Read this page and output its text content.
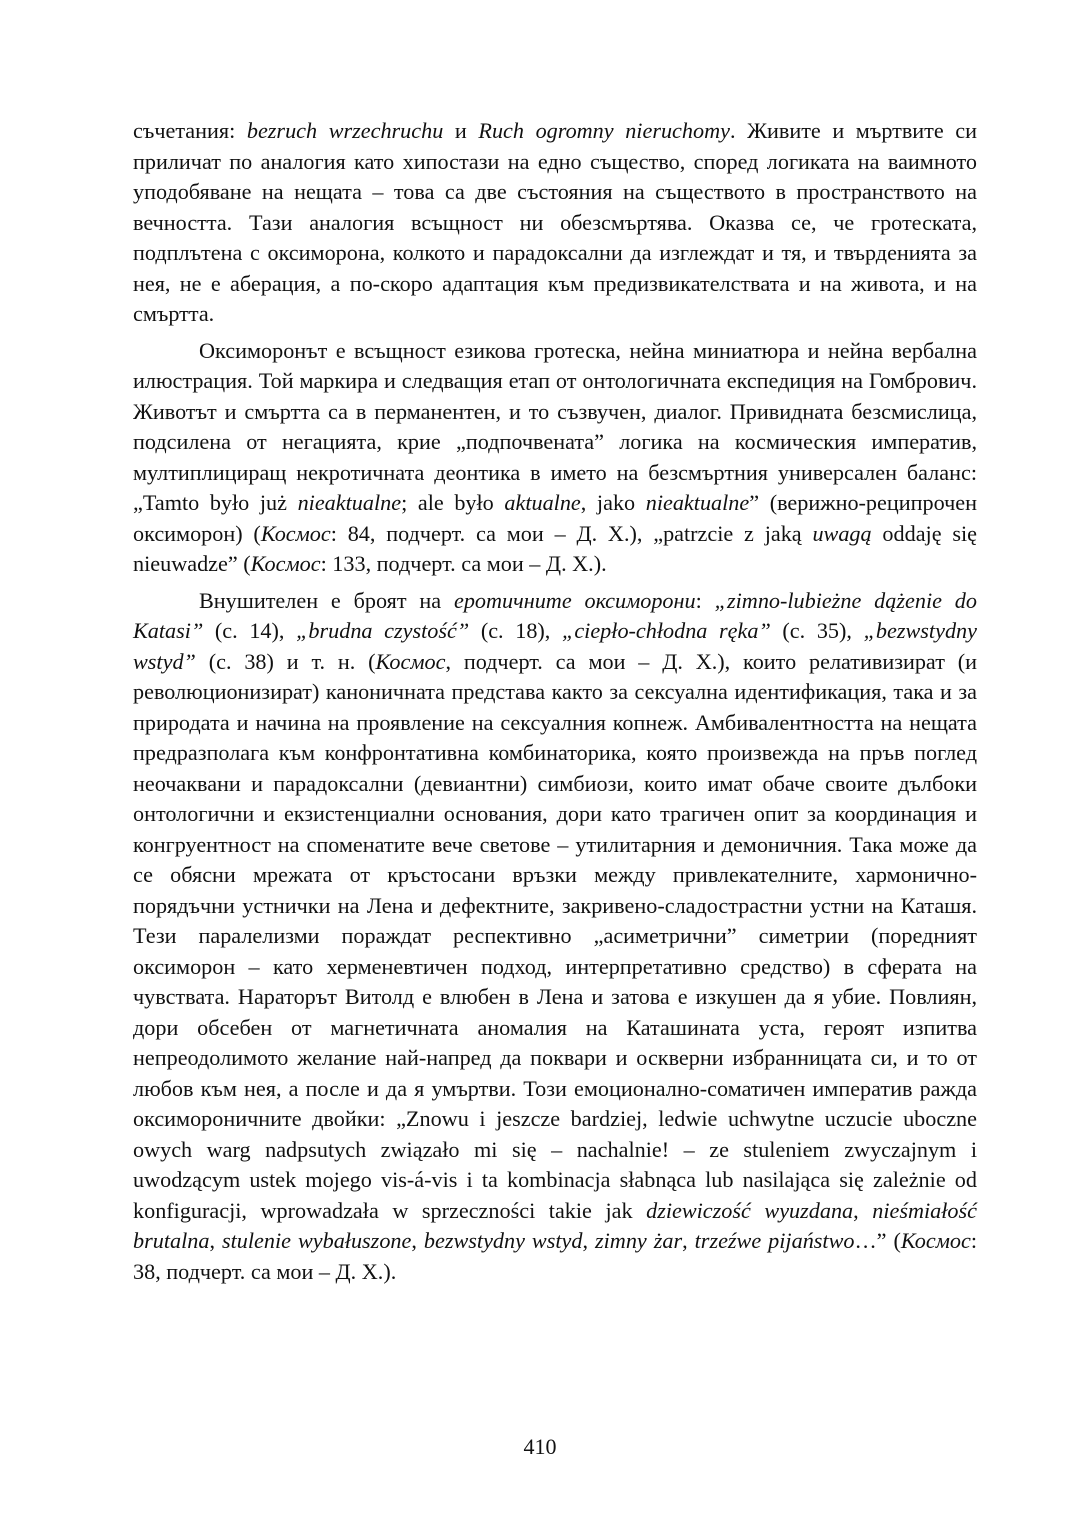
съчетания: bezruch wrzechruchu и Ruch ogromny nieruchomy. Живите и мъртвите си приличат по аналогия като хипостази на едно същество, според логиката на ваимното уподобяване на нещата – това са две състояния на съществото в пространството на вечността. Тази аналогия всъщност ни обезсмъртява. Оказва се, че гротеската, подплътена с оксиморона, колкото и парадоксални да изглеждат и тя, и твърденията за нея, не е аберация, а по-скоро адаптация към предизвикателствата и на живота, и на смъртта.

Оксиморонът е всъщност езикова гротеска, нейна миниатюра и нейна вербална илюстрация. Той маркира и следващия етап от онтологичната експедиция на Гомбрович. Животът и смъртта са в перманентен, и то съзвучен, диалог. Привидната безсмислица, подсилена от негацията, крие „подпочвената” логика на космическия императив, мултиплициращ некротичната деонтика в името на безсмъртния универсален баланс: „Tamto było już nieaktualne; ale było aktualne, jako nieaktualne” (верижно-реципрочен оксиморон) (Космос: 84, подчерт. са мои – Д. Х.), „patrzcie z jaką uwagą oddaję się nieuwadze” (Космос: 133, подчерт. са мои – Д. Х.).

Внушителен е броят на еротичните оксиморони: „zimno-lubieżne dążenie do Katasi” (с. 14), „brudna czystość” (с. 18), „ciepło-chłodna ręka” (с. 35), „bezwstydny wstyd” (с. 38) и т. н. (Космос, подчерт. са мои – Д. Х.), които релативизират (и революционизират) каноничната представа както за сексуална идентификация, така и за природата и начина на проявление на сексуалния копнеж. Амбивалентността на нещата предразполага към конфронтативна комбинаторика, която произвежда на пръв поглед неочаквани и парадоксални (девиантни) симбиози, които имат обаче своите дълбоки онтологични и екзистенциални основания, дори като трагичен опит за координация и конгруентност на споменатите вече светове – утилитарния и демоничния. Така може да се обясни мрежата от кръстосани връзки между привлекателните, хармонично-порядъчни устнички на Лена и дефектните, закривено-сладострастни устни на Каташя. Тези паралелизми пораждат респективно „асиметрични” симетрии (поредният оксиморон – като херменевтичен подход, интерпретативно средство) в сферата на чувствата. Нараторът Витолд е влюбен в Лена и затова е изкушен да я убие. Повлиян, дори обсебен от магнетичната аномалия на Каташината уста, героят изпитва непреодолимото желание най-напред да поквари и оскверни избранницата си, и то от любов към нея, а после и да я умъртви. Този емоционално-соматичен императив ражда оксимороничните двойки: „Znowu i jeszcze bardziej, ledwie uchwytne uczucie uboczne owych warg nadpsutych związało mi się – nachalnie! – ze stuleniem zwyczajnym i uwodzącym ustek mojego vis-á-vis i ta kombinacja słabnąca lub nasilająca się zależnie od konfiguracji, wprowadzała w sprzeczności takie jak dziewiczość wyuzdana, nieśmiałość brutalna, stulenie wybałuszone, bezwstydny wstyd, zimny żar, trzeźwe pijaństwo…” (Космос: 38, подчерт. са мои – Д. Х.).

410
